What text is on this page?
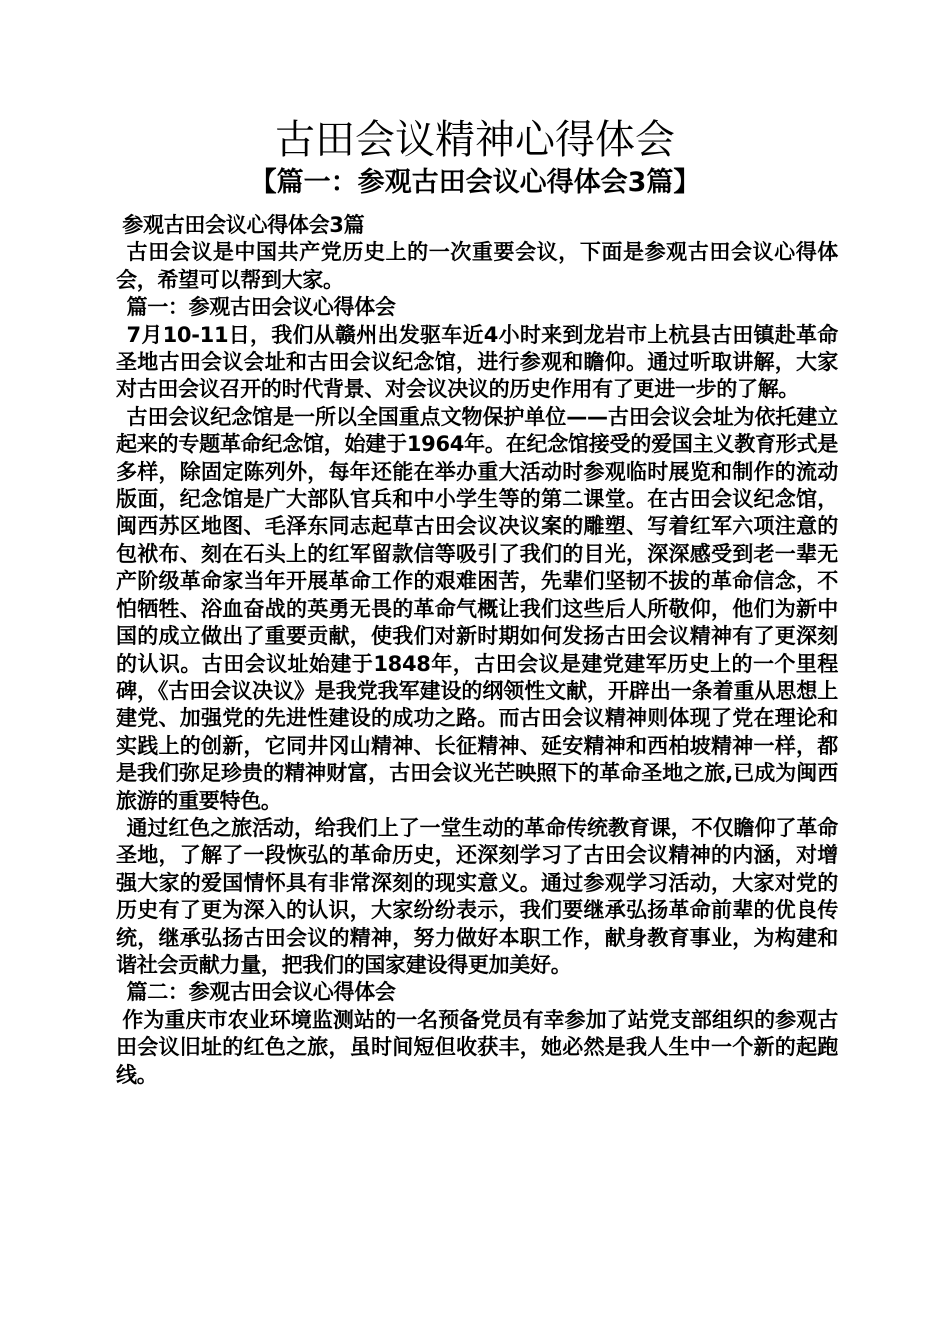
古田会议精神心得体会
【篇一：参观古田会议心得体会3篇】

参观古田会议心得体会3篇

古田会议是中国共产党历史上的一次重要会议，下面是参观古田会议心得体会，希望可以帮到大家。

篇一：参观古田会议心得体会

7月10-11日，我们从赣州出发驱车近4小时来到龙岩市上杭县古田镇赴革命圣地古田会议会址和古田会议纪念馆，进行参观和瞻仰。通过听取讲解，大家对古田会议召开的时代背景、对会议决议的历史作用有了更进一步的了解。

古田会议纪念馆是一所以全国重点文物保护单位——古田会议会址为依托建立起来的专题革命纪念馆，始建于1964年。在纪念馆接受的爱国主义教育形式是多样，除固定陈列外，每年还能在举办重大活动时参观临时展览和制作的流动版面，纪念馆是广大部队官兵和中小学生等的第二课堂。在古田会议纪念馆，闽西苏区地图、毛泽东同志起草古田会议决议案的雕塑、写着红军六项注意的包袱布、刻在石头上的红军留款信等吸引了我们的目光，深深感受到老一辈无产阶级革命家当年开展革命工作的艰难困苦，先辈们坚韧不拔的革命信念，不怕牺牲、浴血奋战的英勇无畏的革命气概让我们这些后人所敬仰，他们为新中国的成立做出了重要贡献，使我们对新时期如何发扬古田会议精神有了更深刻的认识。古田会议址始建于1848年，古田会议是建党建军历史上的一个里程碑，《古田会议决议》是我党我军建设的纲领性文献，开辟出一条着重从思想上建党、加强党的先进性建设的成功之路。而古田会议精神则体现了党在理论和实践上的创新，它同井冈山精神、长征精神、延安精神和西柏坡精神一样，都是我们弥足珍贵的精神财富，古田会议光芒映照下的革命圣地之旅,已成为闽西旅游的重要特色。

通过红色之旅活动，给我们上了一堂生动的革命传统教育课，不仅瞻仰了革命圣地，了解了一段恢弘的革命历史，还深刻学习了古田会议精神的内涵，对增强大家的爱国情怀具有非常深刻的现实意义。通过参观学习活动，大家对党的历史有了更为深入的认识，大家纷纷表示，我们要继承弘扬革命前辈的优良传统，继承弘扬古田会议的精神，努力做好本职工作，献身教育事业，为构建和谐社会贡献力量，把我们的国家建设得更加美好。

篇二：参观古田会议心得体会

作为重庆市农业环境监测站的一名预备党员有幸参加了站党支部组织的参观古田会议旧址的红色之旅，虽时间短但收获丰，她必然是我人生中一个新的起跑线。
